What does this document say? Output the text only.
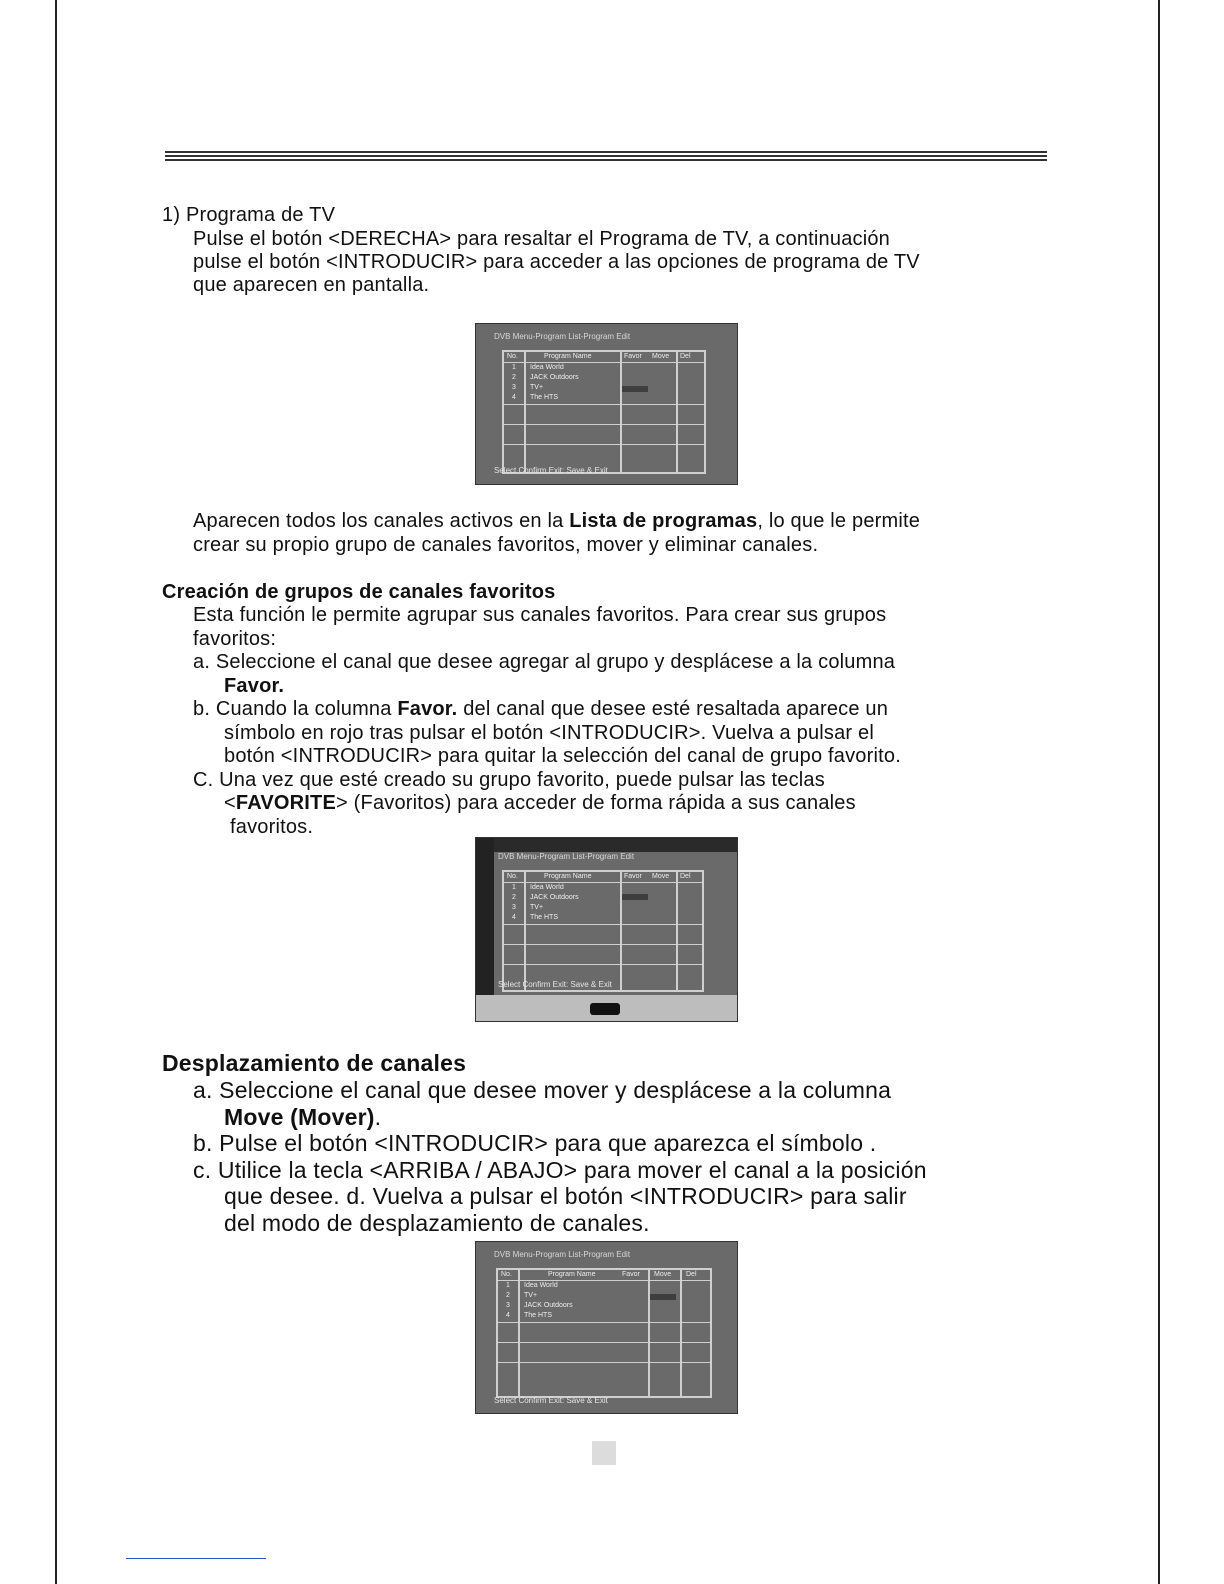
1) Programa de TV
Pulse el botón <DERECHA> para resaltar el Programa de TV, a continuación
pulse el botón <INTRODUCIR> para acceder a las opciones de programa de TV
que aparecen en pantalla.
DVB Menu-Program List-Program Edit
No.	Program Name	Favor Move Del
1 Idea World
2 JACK Outdoors
3 TV+
4 The HTS
Select Confirm Exit: Save & Exit
Aparecen todos los canales activos en la Lista de programas, lo que le permite
crear su propio grupo de canales favoritos, mover y eliminar canales.
Creación de grupos de canales favoritos
Esta función le permite agrupar sus canales favoritos. Para crear sus grupos
favoritos:
a. Seleccione el canal que desee agregar al grupo y desplácese a la columna
Favor.
b. Cuando la columna Favor. del canal que desee esté resaltada aparece un
símbolo en rojo tras pulsar el botón <INTRODUCIR>. Vuelva a pulsar el
botón <INTRODUCIR> para quitar la selección del canal de grupo favorito.
C. Una vez que esté creado su grupo favorito, puede pulsar las teclas
<FAVORITE> (Favoritos) para acceder de forma rápida a sus canales
favoritos.
DVB Menu-Program List-Program Edit
No.	Program Name	Favor Move Del
1 Idea World
2 JACK Outdoors
3 TV+
4 The HTS
Select Confirm Exit: Save & Exit
Desplazamiento de canales
a. Seleccione el canal que desee mover y desplácese a la columna
Move (Mover).
b. Pulse el botón <INTRODUCIR> para que aparezca el símbolo .
c. Utilice la tecla <ARRIBA / ABAJO> para mover el canal a la posición
que desee. d. Vuelva a pulsar el botón <INTRODUCIR> para salir
del modo de desplazamiento de canales.
DVB Menu-Program List-Program Edit
No.	Program Name	Favor Move Del
1 Idea World
2 TV+
3 JACK Outdoors
4 The HTS
Select Confirm Exit: Save & Exit
